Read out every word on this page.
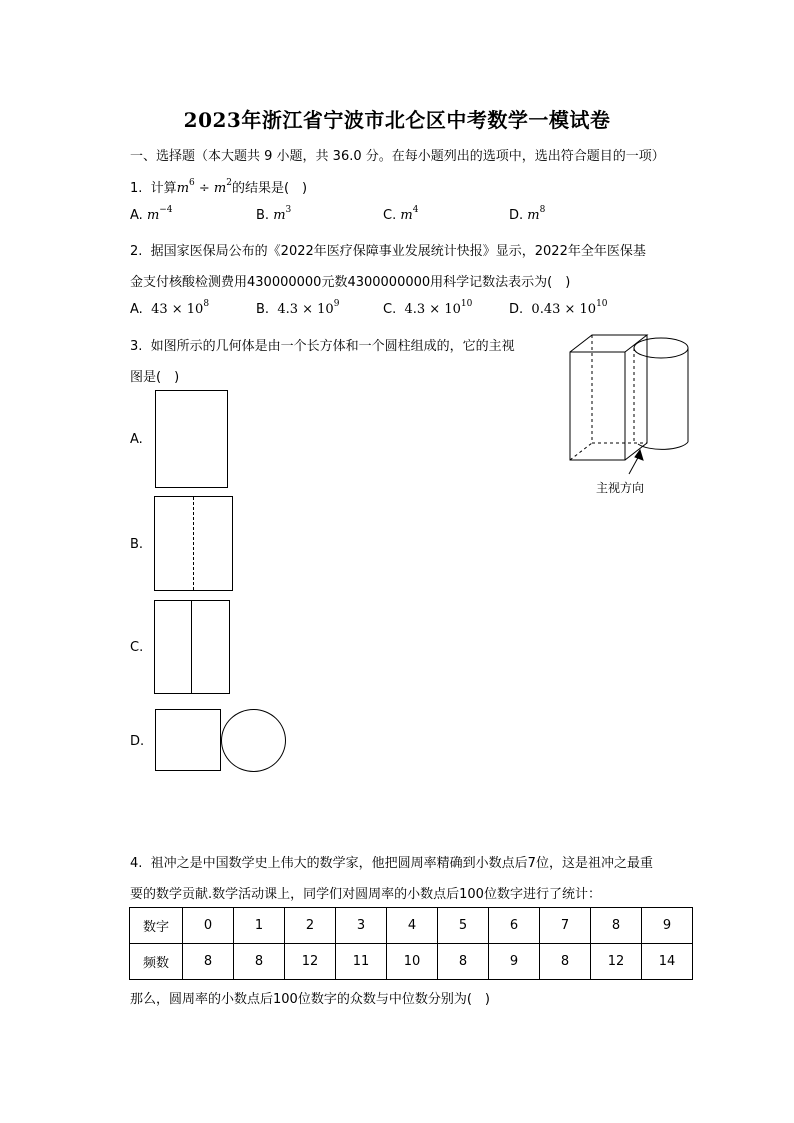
2023年浙江省宁波市北仑区中考数学一模试卷
一、选择题（本大题共 9 小题，共 36.0 分。在每小题列出的选项中，选出符合题目的一项）
1. 计算$m^6 \div m^2$的结果是(　)
A. $m^{-4}$	B. $m^3$	C. $m^4$	D. $m^8$
2. 据国家医保局公布的《2022年医疗保障事业发展统计快报》显示，2022年全年医保基
金支付核酸检测费用430000000元数4300000000用科学记数法表示为(　)
A. $43 \times 10^8$	B. $4.3 \times 10^9$	C. $4.3 \times 10^{10}$	D. $0.43 \times 10^{10}$
3. 如图所示的几何体是由一个长方体和一个圆柱组成的，它的主视
图是(　)
主视方向
A.
B.
C.
D.
4. 祖冲之是中国数学史上伟大的数学家，他把圆周率精确到小数点后7位，这是祖冲之最重
要的数学贡献.数学活动课上，同学们对圆周率的小数点后100位数字进行了统计：
数字	0	1	2	3	4	5	6	7	8	9
频数	8	8	12	11	10	8	9	8	12	14
那么，圆周率的小数点后100位数字的众数与中位数分别为(　)
